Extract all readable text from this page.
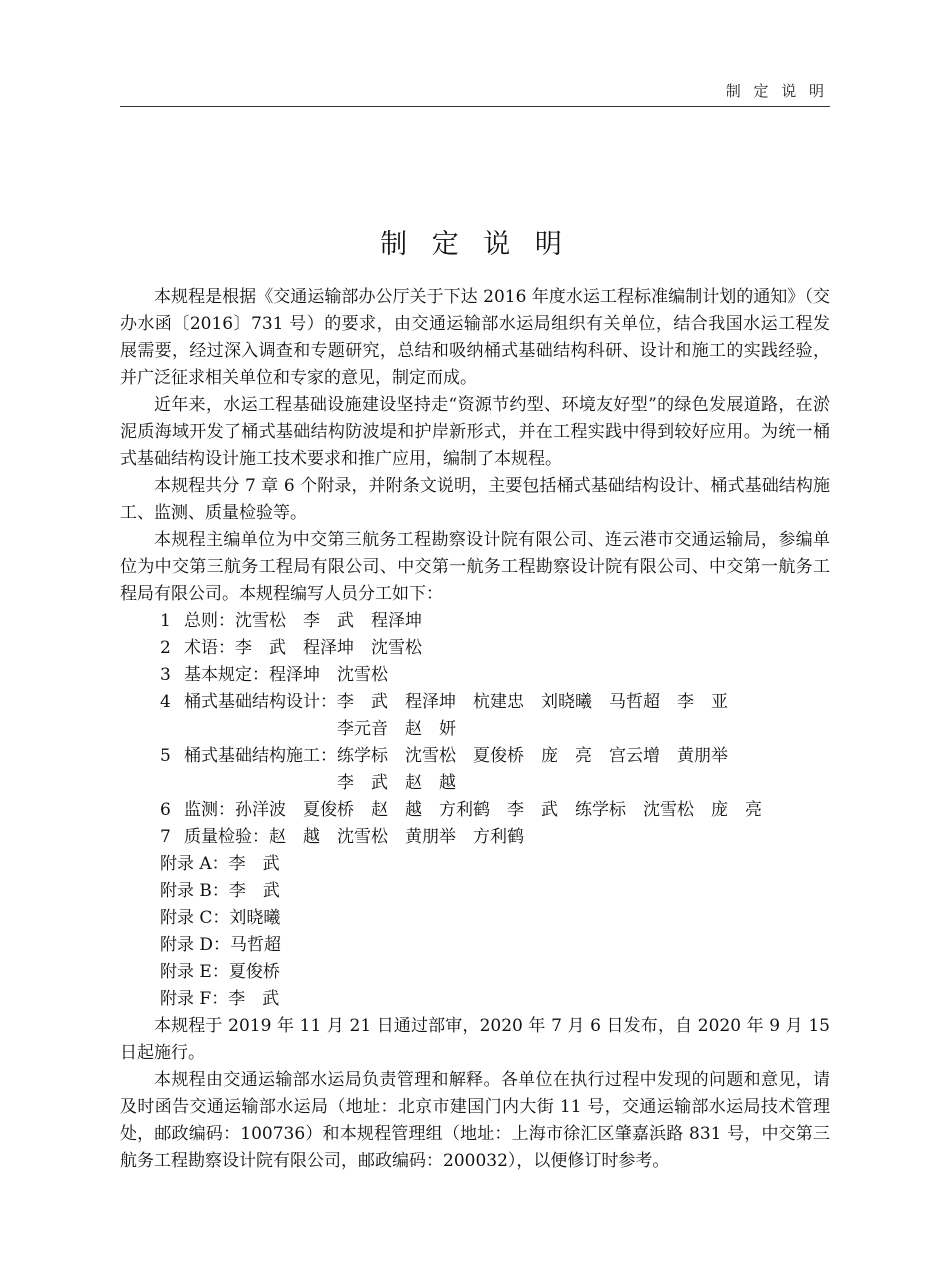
制 定 说 明
制 定 说 明

本规程是根据《交通运输部办公厅关于下达 2016 年度水运工程标准编制计划的通知》（交办水函〔2016〕731 号）的要求，由交通运输部水运局组织有关单位，结合我国水运工程发展需要，经过深入调查和专题研究，总结和吸纳桶式基础结构科研、设计和施工的实践经验，并广泛征求相关单位和专家的意见，制定而成。

近年来，水运工程基础设施建设坚持走“资源节约型、环境友好型”的绿色发展道路，在淤泥质海域开发了桶式基础结构防波堤和护岸新形式，并在工程实践中得到较好应用。为统一桶式基础结构设计施工技术要求和推广应用，编制了本规程。

本规程共分 7 章 6 个附录，并附条文说明，主要包括桶式基础结构设计、桶式基础结构施工、监测、质量检验等。

本规程主编单位为中交第三航务工程勘察设计院有限公司、连云港市交通运输局，参编单位为中交第三航务工程局有限公司、中交第一航务工程勘察设计院有限公司、中交第一航务工程局有限公司。本规程编写人员分工如下：

1 总则： 沈雪松　李　武　程泽坤
2 术语： 李　武　程泽坤　沈雪松
3 基本规定： 程泽坤　沈雪松
4 桶式基础结构设计： 李　武　程泽坤　杭建忠　刘晓曦　马哲超　李　亚
李元音　赵　妍
5 桶式基础结构施工： 练学标　沈雪松　夏俊桥　庞　亮　宫云增　黄朋举
李　武　赵　越
6 监测： 孙洋波　夏俊桥　赵　越　方利鹤　李　武　练学标　沈雪松　庞　亮
7 质量检验： 赵　越　沈雪松　黄朋举　方利鹤
附录 A：李　武
附录 B：李　武
附录 C：刘晓曦
附录 D：马哲超
附录 E：夏俊桥
附录 F：李　武

本规程于 2019 年 11 月 21 日通过部审，2020 年 7 月 6 日发布，自 2020 年 9 月 15 日起施行。

本规程由交通运输部水运局负责管理和解释。各单位在执行过程中发现的问题和意见，请及时函告交通运输部水运局（地址：北京市建国门内大街 11 号，交通运输部水运局技术管理处，邮政编码：100736）和本规程管理组（地址：上海市徐汇区肇嘉浜路 831 号，中交第三航务工程勘察设计院有限公司，邮政编码：200032），以便修订时参考。
